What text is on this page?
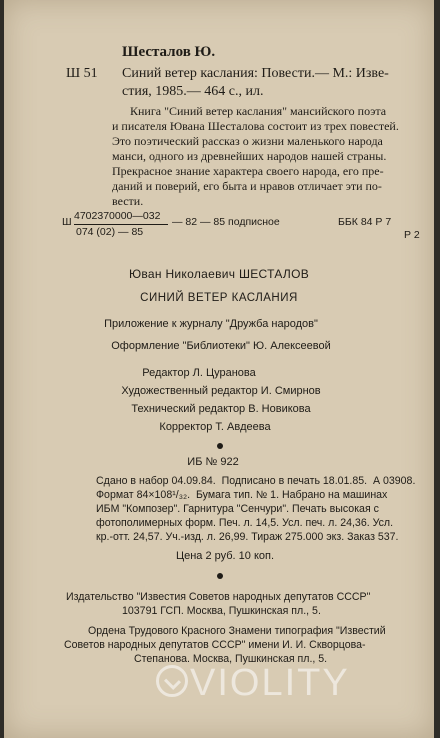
Шесталов Ю.
Ш 51 Синий ветер каслания: Повести.— М.: Изве-
стия, 1985.— 464 с., ил.
Книга "Синий ветер каслания" мансийского поэта
и писателя Ювана Шесталова состоит из трех повестей.
Это поэтический рассказ о жизни маленького народа
манси, одного из древнейших народов нашей страны.
Прекрасное знание характера своего народа, его пре-
даний и поверий, его быта и нравов отличает эти по-
вести.
Ш 4702370000—032
074 (02) — 85
— 82 — 85 подписное	ББК 84 Р 7
Р 2
Юван Николаевич ШЕСТАЛОВ
СИНИЙ ВЕТЕР КАСЛАНИЯ
Приложение к журналу "Дружба народов"
Оформление "Библиотеки" Ю. Алексеевой
Редактор Л. Цуранова
Художественный редактор И. Смирнов
Технический редактор В. Новикова
Корректор Т. Авдеева
ИБ № 922
Сдано в набор 04.09.84.  Подписано в печать 18.01.85.  А 03908.
Формат 84×108¹/₃₂.  Бумага тип. № 1. Набрано на машинах
ИБМ "Композер". Гарнитура "Сенчури". Печать высокая с
фотополимерных форм. Печ. л. 14,5. Усл. печ. л. 24,36. Усл.
кр.-отт. 24,57. Уч.-изд. л. 26,99. Тираж 275.000 экз. Заказ 537.
Цена 2 руб. 10 коп.
Издательство "Известия Советов народных депутатов СССР"
103791 ГСП. Москва, Пушкинская пл., 5.
Ордена Трудового Красного Знамени типография "Известий
Советов народных депутатов СССР" имени И. И. Скворцова-
Степанова. Москва, Пушкинская пл., 5.
VIOLITY
